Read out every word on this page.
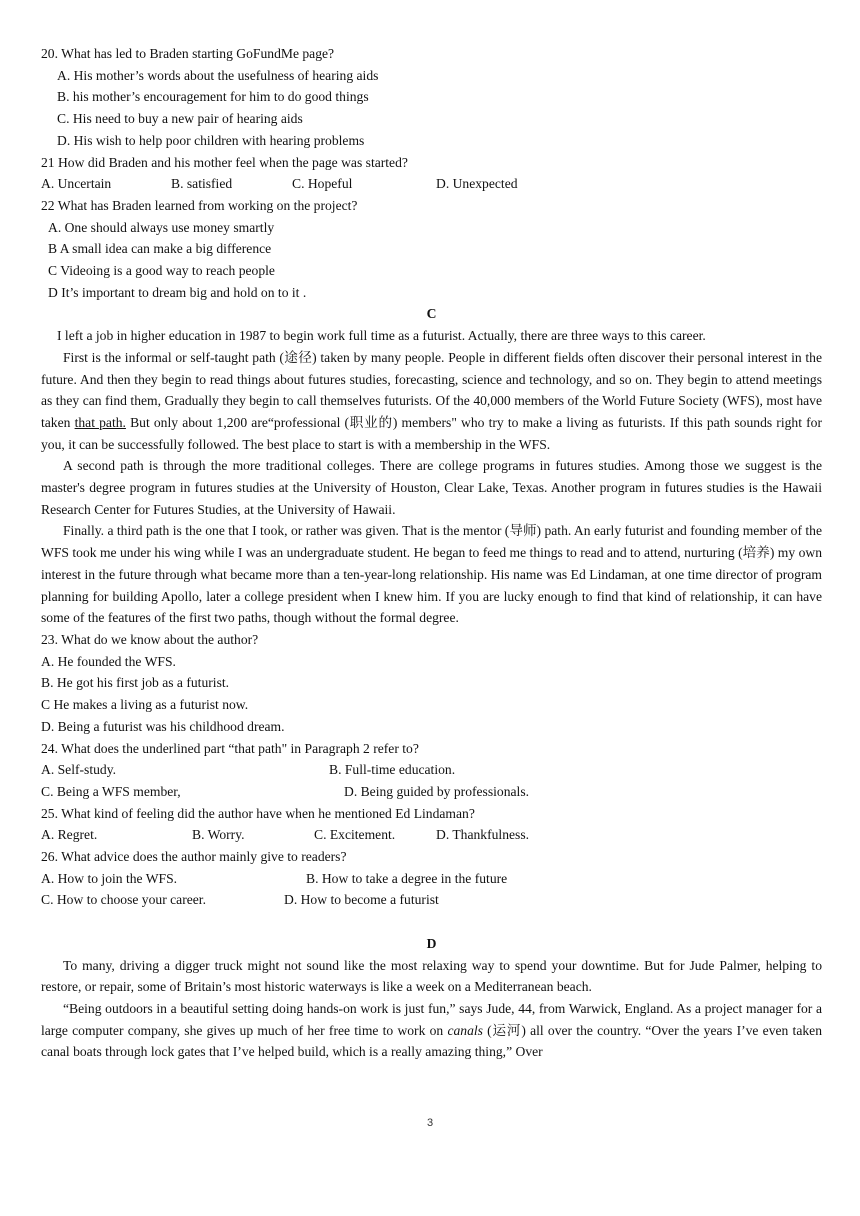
20. What has led to Braden starting GoFundMe page?
A. His mother’s words about the usefulness of hearing aids
B. his mother’s encouragement for him to do good things
C. His need to buy a new pair of hearing aids
D. His wish to help poor children with hearing problems
21 How did Braden and his mother feel when the page was started?
A. Uncertain	B. satisfied	C. Hopeful	D. Unexpected
22 What has Braden learned from working on the project?
A. One should always use money smartly
B A small idea can make a big difference
C Videoing is a good way to reach people
D It’s important to dream big and hold on to it .
C
I left a job in higher education in 1987 to begin work full time as a futurist. Actually, there are three ways to this career.
First is the informal or self-taught path (途径) taken by many people. People in different fields often discover their personal interest in the future. And then they begin to read things about futures studies, forecasting, science and technology, and so on. They begin to attend meetings as they can find them, Gradually they begin to call themselves futurists. Of the 40,000 members of the World Future Society (WFS), most have taken that path. But only about 1,200 are“professional (职业的) members" who try to make a living as futurists. If this path sounds right for you, it can be successfully followed. The best place to start is with a membership in the WFS.
A second path is through the more traditional colleges. There are college programs in futures studies. Among those we suggest is the master's degree program in futures studies at the University of Houston, Clear Lake, Texas. Another program in futures studies is the Hawaii Research Center for Futures Studies, at the University of Hawaii.
Finally. a third path is the one that I took, or rather was given. That is the mentor (导师) path. An early futurist and founding member of the WFS took me under his wing while I was an undergraduate student. He began to feed me things to read and to attend, nurturing (培养) my own interest in the future through what became more than a ten-year-long relationship. His name was Ed Lindaman, at one time director of program planning for building Apollo, later a college president when I knew him. If you are lucky enough to find that kind of relationship, it can have some of the features of the first two paths, though without the formal degree.
23. What do we know about the author?
A. He founded the WFS.
B. He got his first job as a futurist.
C He makes a living as a futurist now.
D. Being a futurist was his childhood dream.
24. What does the underlined part “that path" in Paragraph 2 refer to?
A. Self-study.	B. Full-time education.
C. Being a WFS member,	D. Being guided by professionals.
25. What kind of feeling did the author have when he mentioned Ed Lindaman?
A. Regret.	B. Worry.	C. Excitement.	D. Thankfulness.
26. What advice does the author mainly give to readers?
A. How to join the WFS.	B. How to take a degree in the future
C. How to choose your career.	D. How to become a futurist
D
To many, driving a digger truck might not sound like the most relaxing way to spend your downtime. But for Jude Palmer, helping to restore, or repair, some of Britain’s most historic waterways is like a week on a Mediterranean beach.
“Being outdoors in a beautiful setting doing hands-on work is just fun,” says Jude, 44, from Warwick, England. As a project manager for a large computer company, she gives up much of her free time to work on canals (运河) all over the country. “Over the years I’ve even taken canal boats through lock gates that I’ve helped build, which is a really amazing thing,” Over
3
